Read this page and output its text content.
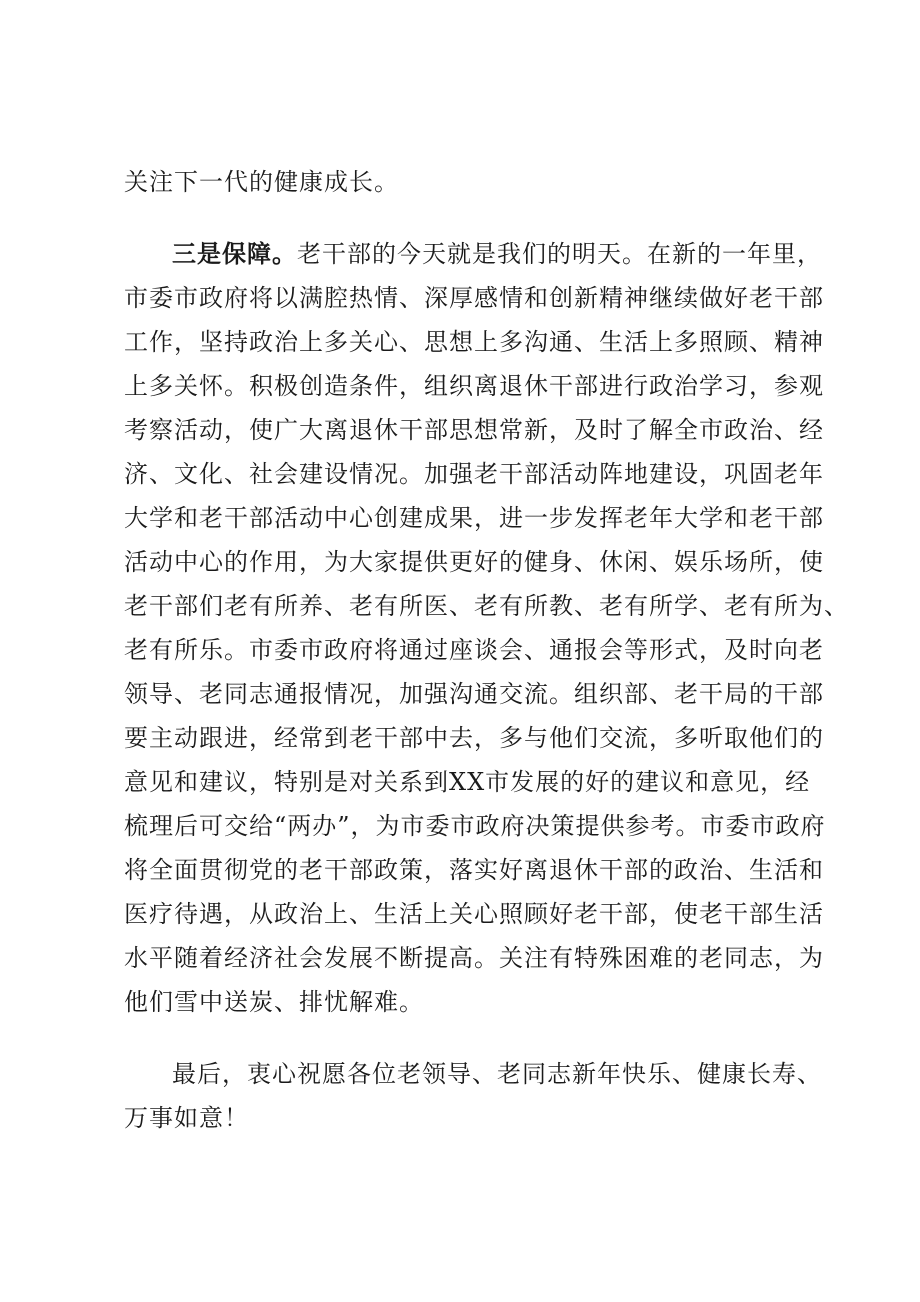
关注下一代的健康成长。
三是保障。老干部的今天就是我们的明天。在新的一年里，
市委市政府将以满腔热情、深厚感情和创新精神继续做好老干部
工作，坚持政治上多关心、思想上多沟通、生活上多照顾、精神
上多关怀。积极创造条件，组织离退休干部进行政治学习，参观
考察活动，使广大离退休干部思想常新，及时了解全市政治、经
济、文化、社会建设情况。加强老干部活动阵地建设，巩固老年
大学和老干部活动中心创建成果，进一步发挥老年大学和老干部
活动中心的作用，为大家提供更好的健身、休闲、娱乐场所，使
老干部们老有所养、老有所医、老有所教、老有所学、老有所为、
老有所乐。市委市政府将通过座谈会、通报会等形式，及时向老
领导、老同志通报情况，加强沟通交流。组织部、老干局的干部
要主动跟进，经常到老干部中去，多与他们交流，多听取他们的
意见和建议，特别是对关系到XX市发展的好的建议和意见，经
梳理后可交给“两办”，为市委市政府决策提供参考。市委市政府
将全面贯彻党的老干部政策，落实好离退休干部的政治、生活和
医疗待遇，从政治上、生活上关心照顾好老干部，使老干部生活
水平随着经济社会发展不断提高。关注有特殊困难的老同志，为
他们雪中送炭、排忧解难。
最后，衷心祝愿各位老领导、老同志新年快乐、健康长寿、
万事如意！
